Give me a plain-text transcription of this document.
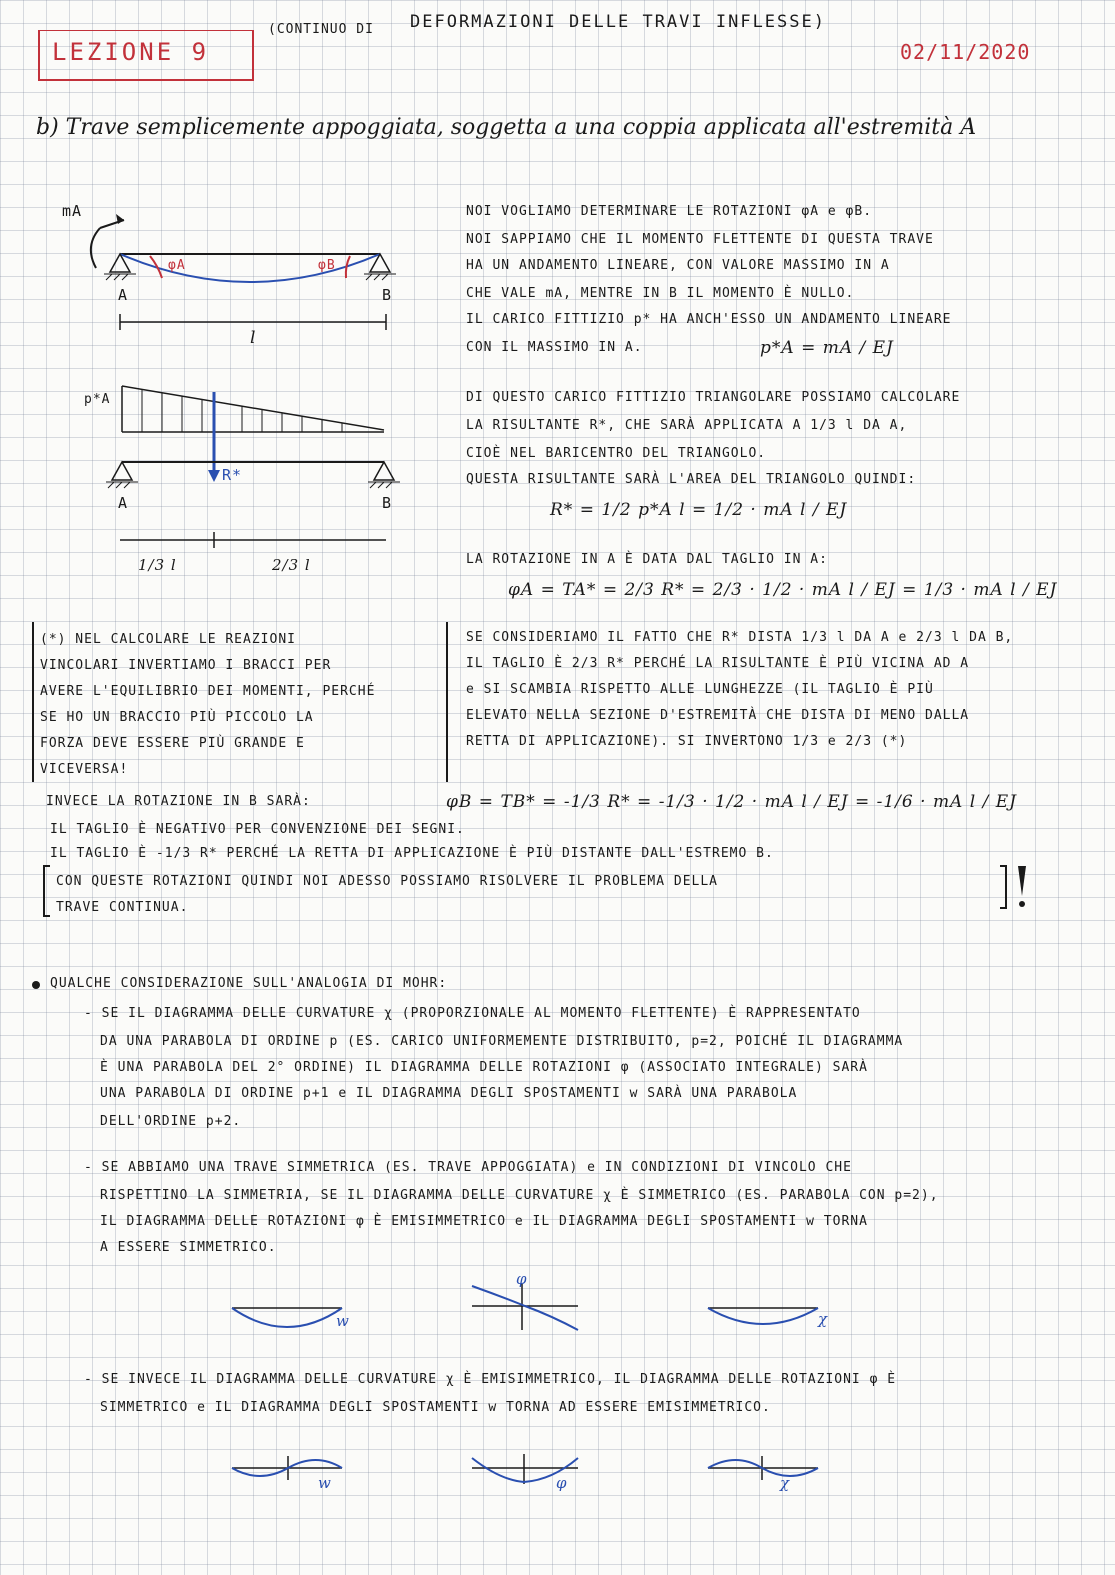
(CONTINUO DI DEFORMAZIONI DELLE TRAVI INFLESSE)
LEZIONE 9	02/11/2020
b) Trave semplicemente appoggiata, soggetta a una coppia applicata all'estremità A
mA
φA	φB
A	B
l
p*A
R*
A	B
1/3 l	2/3 l
NOI VOGLIAMO DETERMINARE LE ROTAZIONI φA e φB.
NOI SAPPIAMO CHE IL MOMENTO FLETTENTE DI QUESTA TRAVE
HA UN ANDAMENTO LINEARE, CON VALORE MASSIMO IN A
CHE VALE mA, MENTRE IN B IL MOMENTO È NULLO.
IL CARICO FITTIZIO p* HA ANCH'ESSO UN ANDAMENTO LINEARE
CON IL MASSIMO IN A.	p*A = mA / EJ
DI QUESTO CARICO FITTIZIO TRIANGOLARE POSSIAMO CALCOLARE
LA RISULTANTE R*, CHE SARÀ APPLICATA A 1/3 l DA A,
CIOÈ NEL BARICENTRO DEL TRIANGOLO.
QUESTA RISULTANTE SARÀ L'AREA DEL TRIANGOLO QUINDI:
R* = 1/2 p*A l = 1/2 · mA l / EJ
LA ROTAZIONE IN A È DATA DAL TAGLIO IN A:
φA = TA* = 2/3 R* = 2/3 · 1/2 · mA l / EJ = 1/3 · mA l / EJ
SE CONSIDERIAMO IL FATTO CHE R* DISTA 1/3 l DA A e 2/3 l DA B,
IL TAGLIO È 2/3 R* PERCHÉ LA RISULTANTE È PIÙ VICINA AD A
e SI SCAMBIA RISPETTO ALLE LUNGHEZZE (IL TAGLIO È PIÙ
ELEVATO NELLA SEZIONE D'ESTREMITÀ CHE DISTA DI MENO DALLA
RETTA DI APPLICAZIONE). SI INVERTONO 1/3 e 2/3 (*)
(*) NEL CALCOLARE LE REAZIONI
VINCOLARI INVERTIAMO I BRACCI PER
AVERE L'EQUILIBRIO DEI MOMENTI, PERCHÉ
SE HO UN BRACCIO PIÙ PICCOLO LA
FORZA DEVE ESSERE PIÙ GRANDE E
VICEVERSA!
INVECE LA ROTAZIONE IN B SARÀ:	φB = TB* = -1/3 R* = -1/3 · 1/2 · mA l / EJ = -1/6 · mA l / EJ
IL TAGLIO È NEGATIVO PER CONVENZIONE DEI SEGNI.
IL TAGLIO È -1/3 R* PERCHÉ LA RETTA DI APPLICAZIONE È PIÙ DISTANTE DALL'ESTREMO B.
CON QUESTE ROTAZIONI QUINDI NOI ADESSO POSSIAMO RISOLVERE IL PROBLEMA DELLA
TRAVE CONTINUA.
QUALCHE CONSIDERAZIONE SULL'ANALOGIA DI MOHR:
- SE IL DIAGRAMMA DELLE CURVATURE χ (PROPORZIONALE AL MOMENTO FLETTENTE) È RAPPRESENTATO
DA UNA PARABOLA DI ORDINE p (ES. CARICO UNIFORMEMENTE DISTRIBUITO, p=2, POICHÉ IL DIAGRAMMA
È UNA PARABOLA DEL 2° ORDINE) IL DIAGRAMMA DELLE ROTAZIONI φ (ASSOCIATO INTEGRALE) SARÀ
UNA PARABOLA DI ORDINE p+1 e IL DIAGRAMMA DEGLI SPOSTAMENTI w SARÀ UNA PARABOLA
DELL'ORDINE p+2.
- SE ABBIAMO UNA TRAVE SIMMETRICA (ES. TRAVE APPOGGIATA) e IN CONDIZIONI DI VINCOLO CHE
RISPETTINO LA SIMMETRIA, SE IL DIAGRAMMA DELLE CURVATURE χ È SIMMETRICO (ES. PARABOLA CON p=2),
IL DIAGRAMMA DELLE ROTAZIONI φ È EMISIMMETRICO e IL DIAGRAMMA DEGLI SPOSTAMENTI w TORNA
A ESSERE SIMMETRICO.
w
φ
χ
- SE INVECE IL DIAGRAMMA DELLE CURVATURE χ È EMISIMMETRICO, IL DIAGRAMMA DELLE ROTAZIONI φ È
SIMMETRICO e IL DIAGRAMMA DEGLI SPOSTAMENTI w TORNA AD ESSERE EMISIMMETRICO.
w	φ	χ
